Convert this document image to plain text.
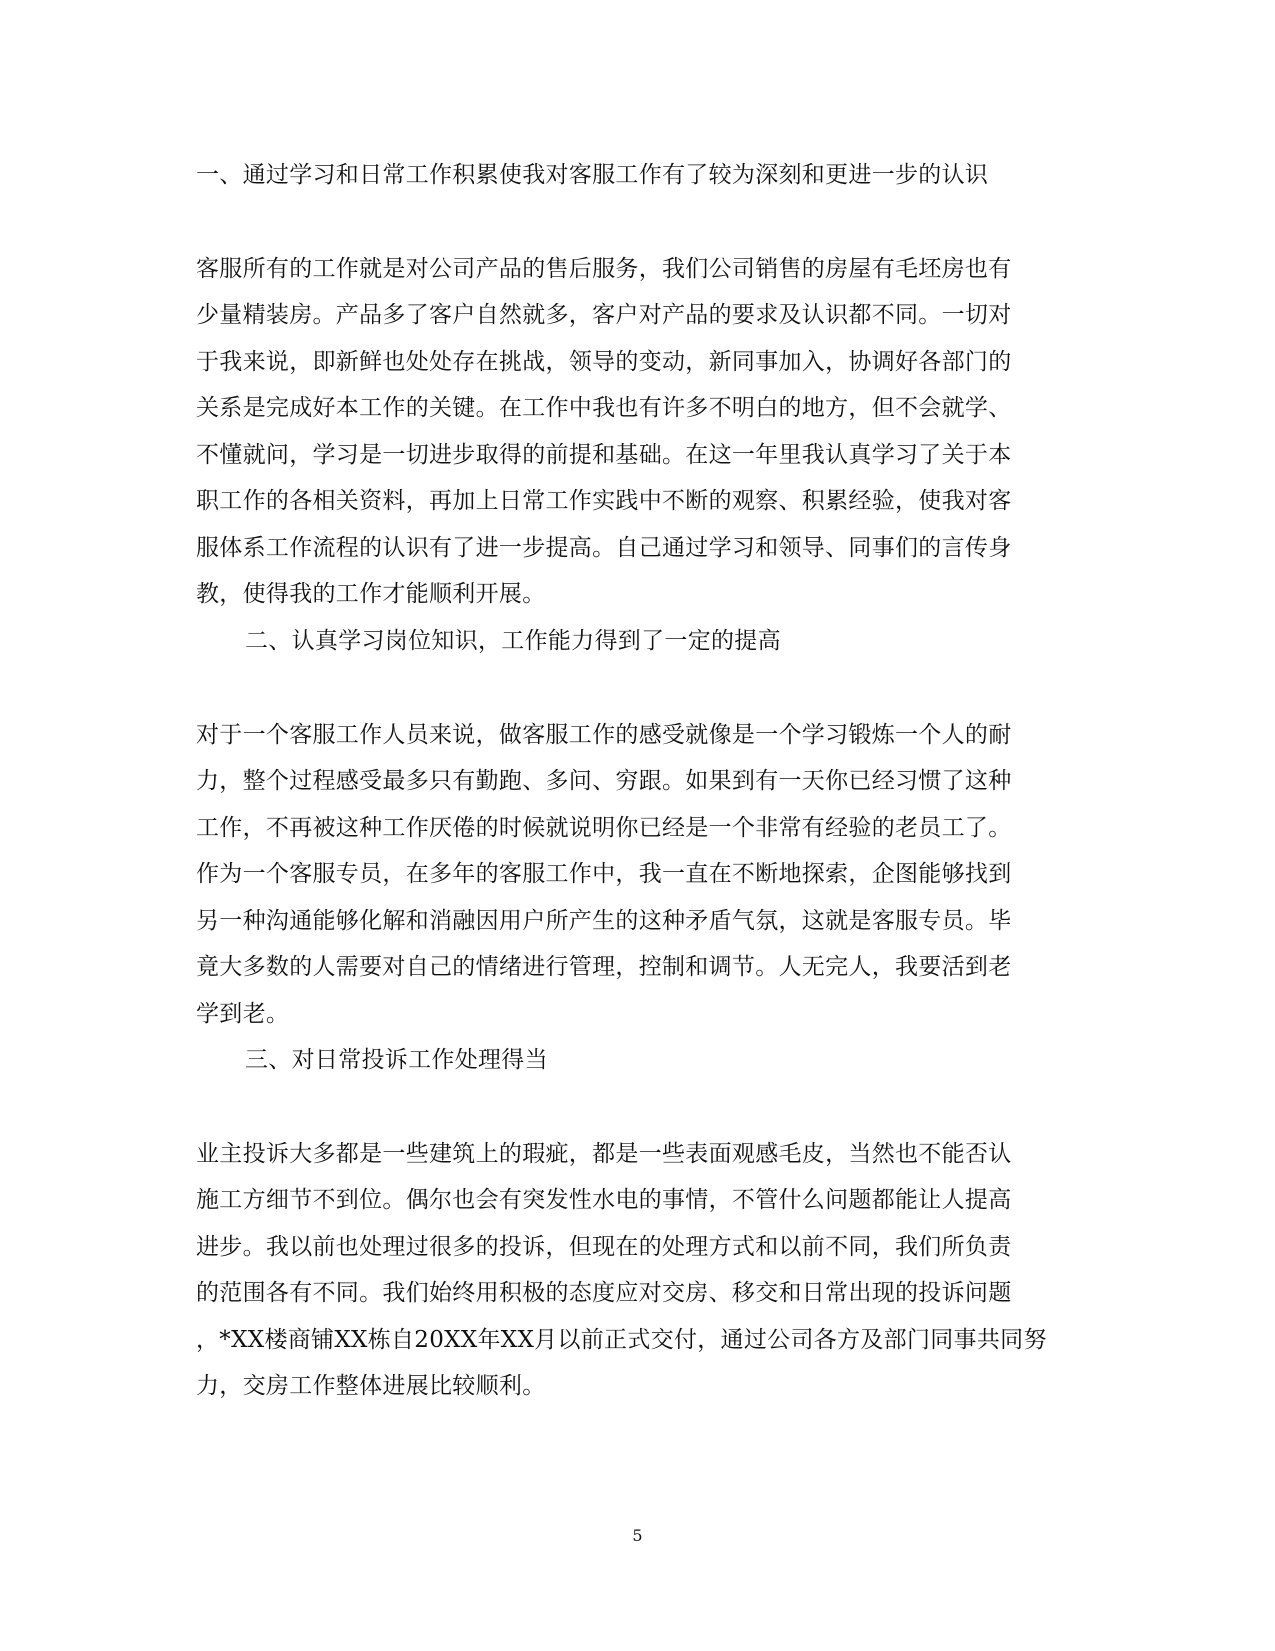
一、通过学习和日常工作积累使我对客服工作有了较为深刻和更进一步的认识
客服所有的工作就是对公司产品的售后服务，我们公司销售的房屋有毛坯房也有
少量精装房。产品多了客户自然就多，客户对产品的要求及认识都不同。一切对
于我来说，即新鲜也处处存在挑战，领导的变动，新同事加入，协调好各部门的
关系是完成好本工作的关键。在工作中我也有许多不明白的地方，但不会就学、
不懂就问，学习是一切进步取得的前提和基础。在这一年里我认真学习了关于本
职工作的各相关资料，再加上日常工作实践中不断的观察、积累经验，使我对客
服体系工作流程的认识有了进一步提高。自己通过学习和领导、同事们的言传身
教，使得我的工作才能顺利开展。
二、认真学习岗位知识，工作能力得到了一定的提高
对于一个客服工作人员来说，做客服工作的感受就像是一个学习锻炼一个人的耐
力，整个过程感受最多只有勤跑、多问、穷跟。如果到有一天你已经习惯了这种
工作，不再被这种工作厌倦的时候就说明你已经是一个非常有经验的老员工了。
作为一个客服专员，在多年的客服工作中，我一直在不断地探索，企图能够找到
另一种沟通能够化解和消融因用户所产生的这种矛盾气氛，这就是客服专员。毕
竟大多数的人需要对自己的情绪进行管理，控制和调节。人无完人，我要活到老
学到老。
三、对日常投诉工作处理得当
业主投诉大多都是一些建筑上的瑕疵，都是一些表面观感毛皮，当然也不能否认
施工方细节不到位。偶尔也会有突发性水电的事情，不管什么问题都能让人提高
进步。我以前也处理过很多的投诉，但现在的处理方式和以前不同，我们所负责
的范围各有不同。我们始终用积极的态度应对交房、移交和日常出现的投诉问题
，*XX楼商铺XX栋自20XX年XX月以前正式交付，通过公司各方及部门同事共同努
力，交房工作整体进展比较顺利。
5
